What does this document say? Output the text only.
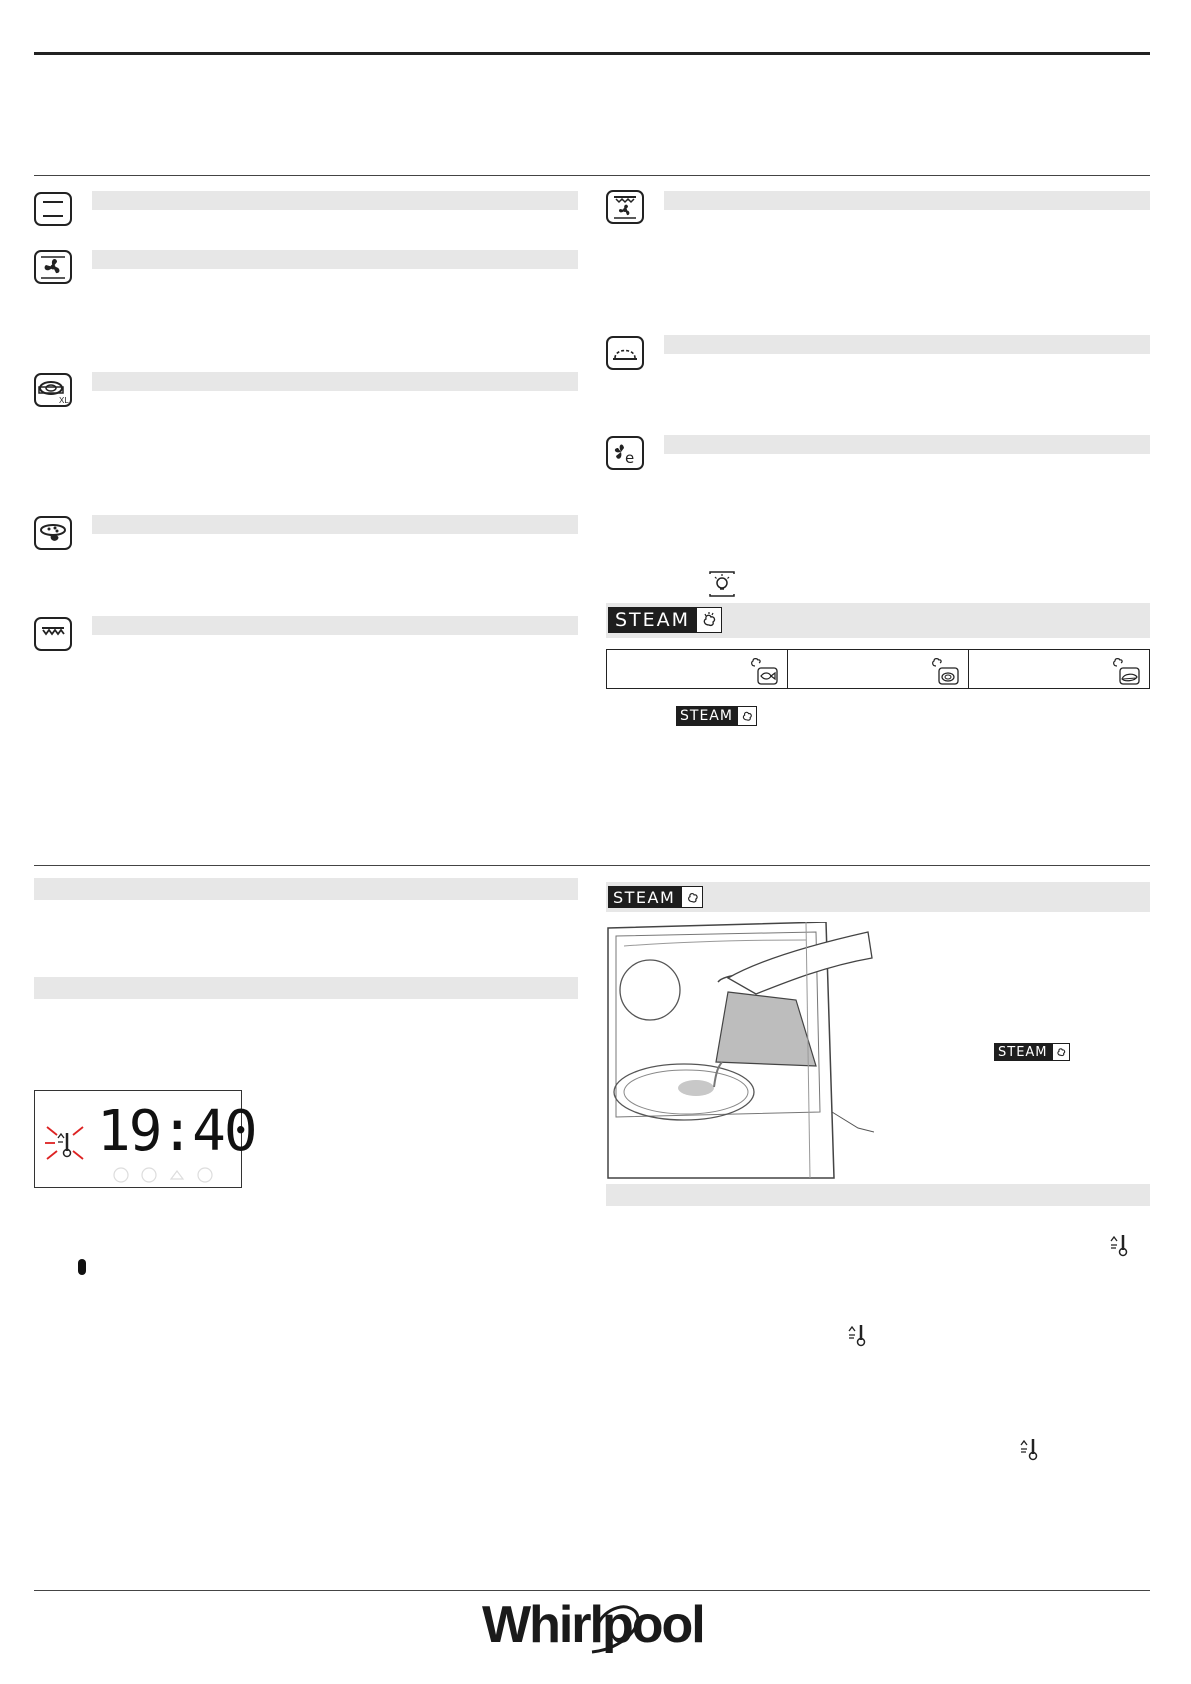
XL
e
STEAM
STEAM
19:40
STEAM
STEAM
Whirlpool
